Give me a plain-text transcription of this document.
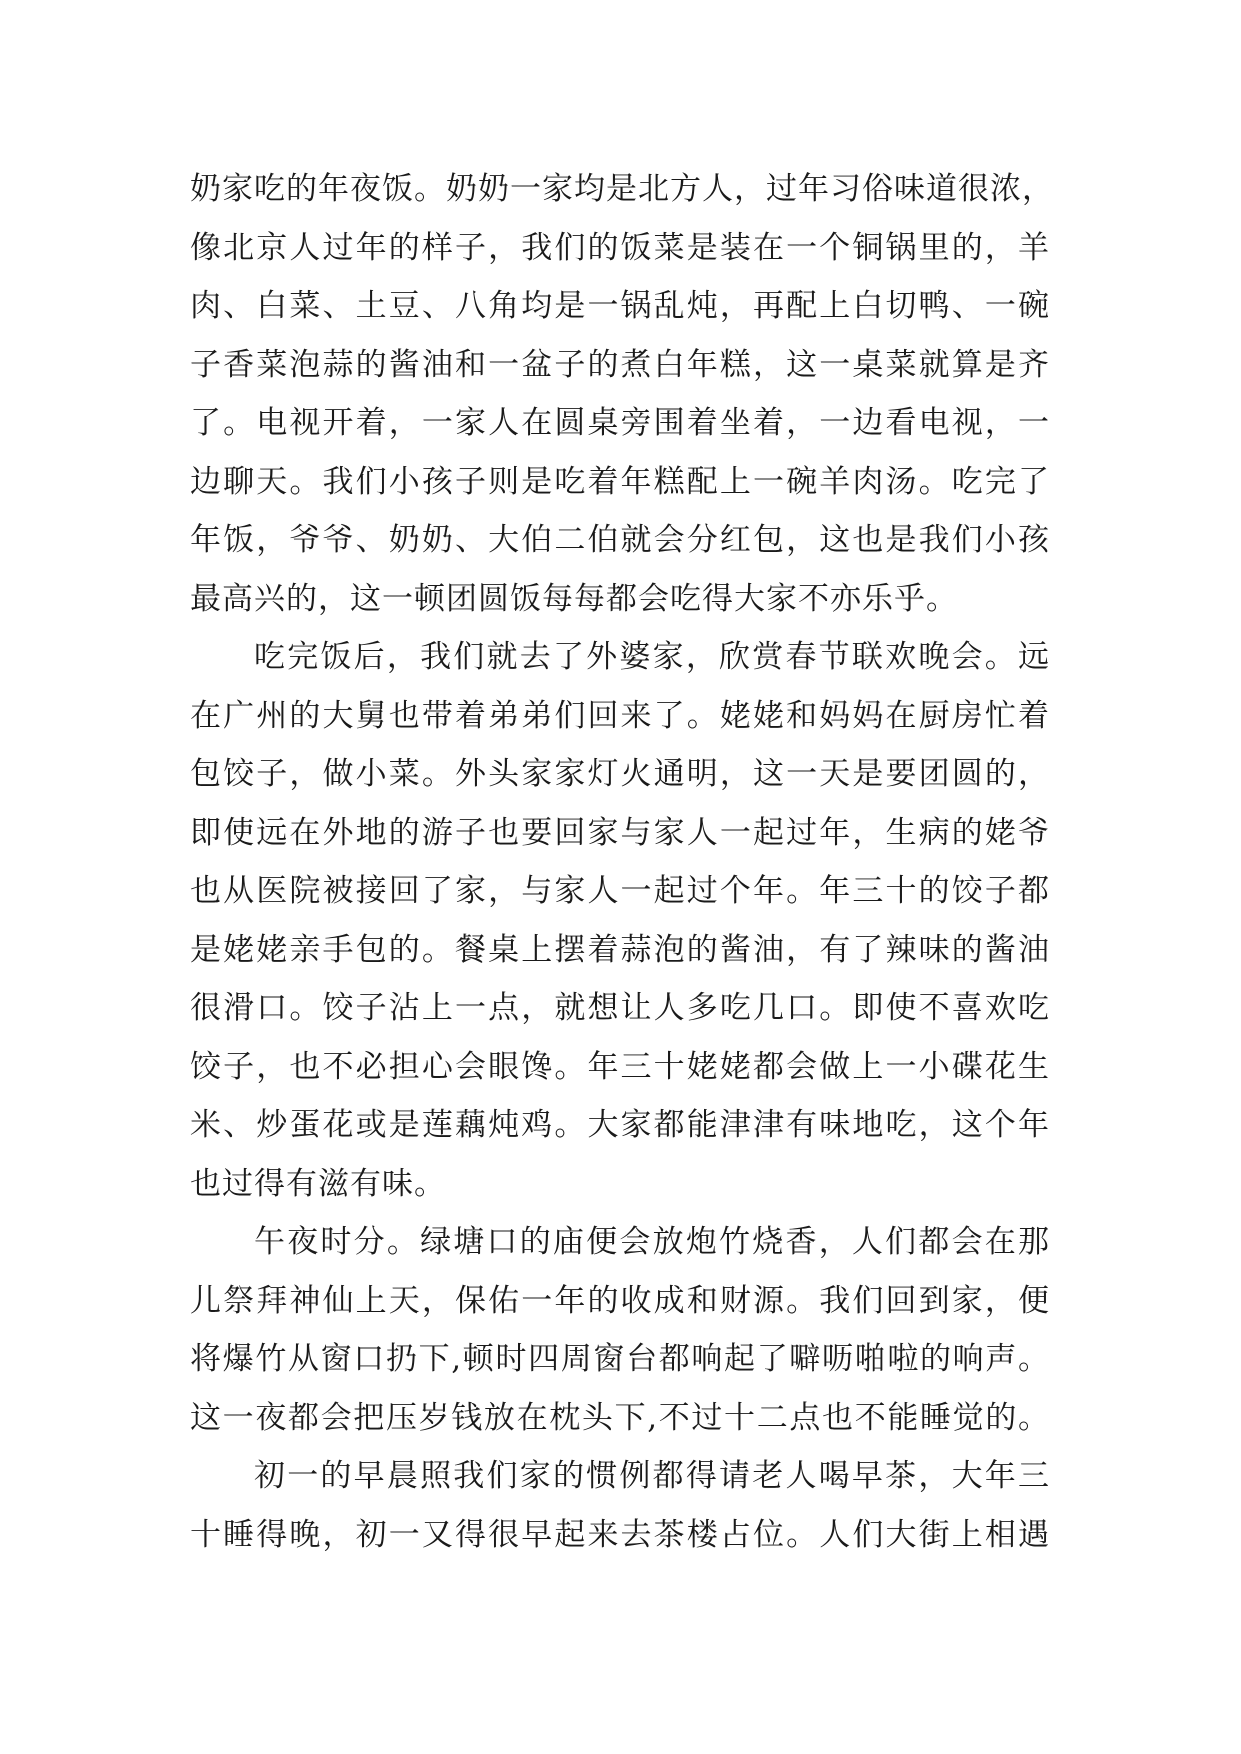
奶家吃的年夜饭。奶奶一家均是北方人，过年习俗味道很浓，
像北京人过年的样子，我们的饭菜是装在一个铜锅里的，羊
肉、白菜、土豆、八角均是一锅乱炖，再配上白切鸭、一碗
子香菜泡蒜的酱油和一盆子的煮白年糕，这一桌菜就算是齐
了。电视开着，一家人在圆桌旁围着坐着，一边看电视，一
边聊天。我们小孩子则是吃着年糕配上一碗羊肉汤。吃完了
年饭，爷爷、奶奶、大伯二伯就会分红包，这也是我们小孩
最高兴的，这一顿团圆饭每每都会吃得大家不亦乐乎。
吃完饭后，我们就去了外婆家，欣赏春节联欢晚会。远
在广州的大舅也带着弟弟们回来了。姥姥和妈妈在厨房忙着
包饺子，做小菜。外头家家灯火通明，这一天是要团圆的，
即使远在外地的游子也要回家与家人一起过年，生病的姥爷
也从医院被接回了家，与家人一起过个年。年三十的饺子都
是姥姥亲手包的。餐桌上摆着蒜泡的酱油，有了辣味的酱油
很滑口。饺子沾上一点，就想让人多吃几口。即使不喜欢吃
饺子，也不必担心会眼馋。年三十姥姥都会做上一小碟花生
米、炒蛋花或是莲藕炖鸡。大家都能津津有味地吃，这个年
也过得有滋有味。
午夜时分。绿塘口的庙便会放炮竹烧香，人们都会在那
儿祭拜神仙上天，保佑一年的收成和财源。我们回到家，便
将爆竹从窗口扔下,顿时四周窗台都响起了噼呖啪啦的响声。
这一夜都会把压岁钱放在枕头下,不过十二点也不能睡觉的。
初一的早晨照我们家的惯例都得请老人喝早茶，大年三
十睡得晚，初一又得很早起来去茶楼占位。人们大街上相遇
